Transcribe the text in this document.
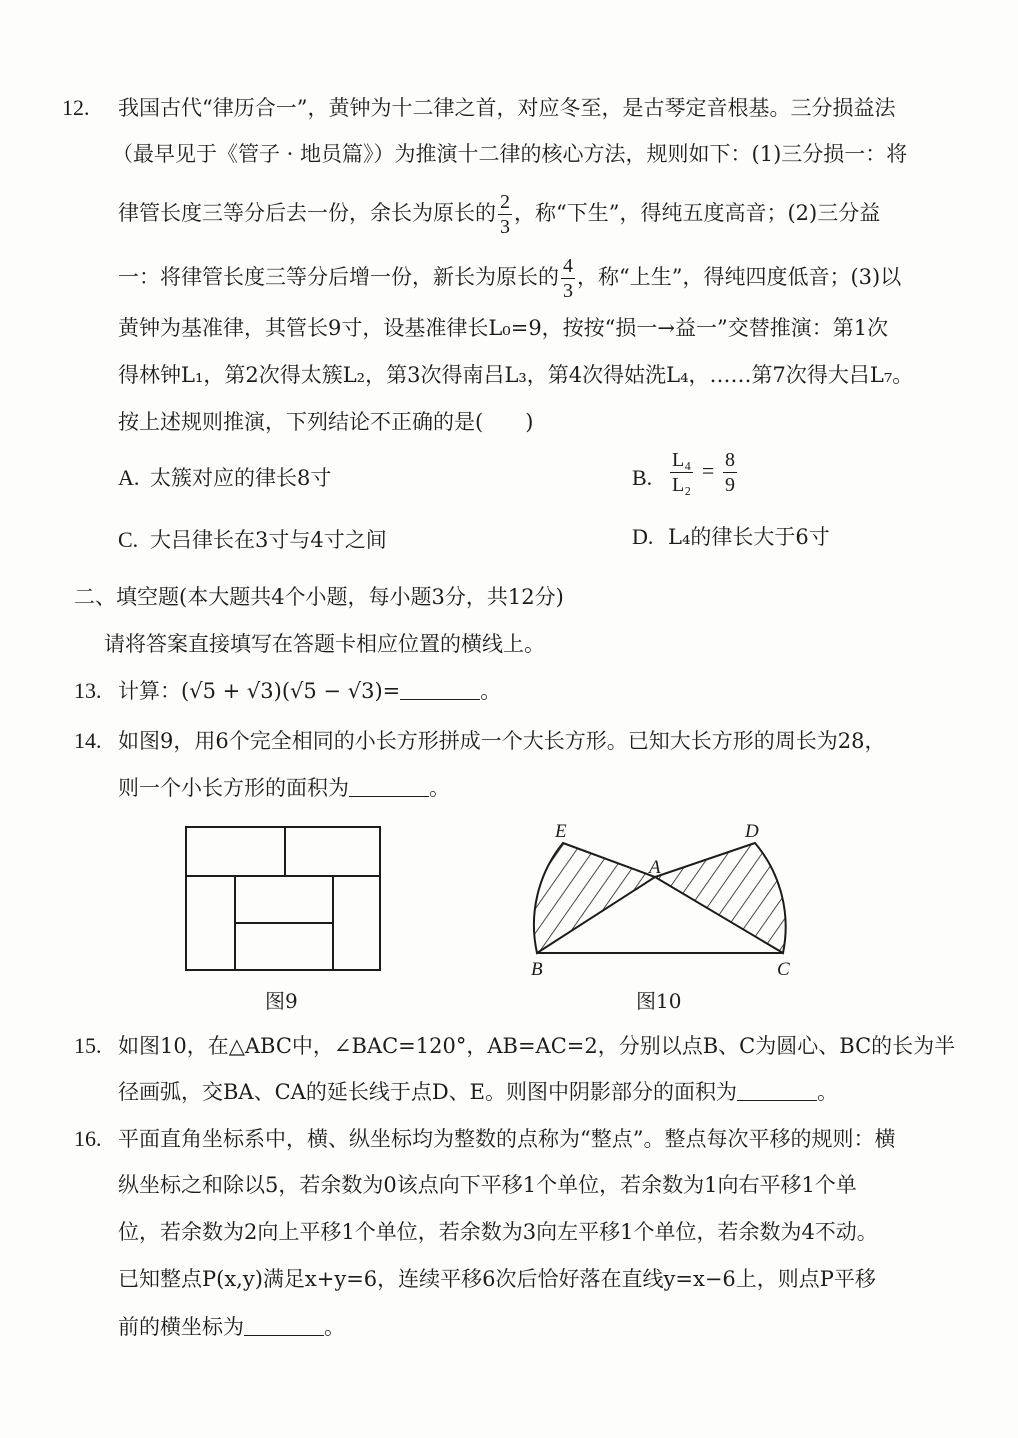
12. 我国古代“律历合一”，黄钟为十二律之首，对应冬至，是古琴定音根基。三分损益法
（最早见于《管子 · 地员篇》）为推演十二律的核心方法，规则如下：(1)三分损一：将
律管长度三等分后去一份，余长为原长的 $\frac{2}{3}$ ，称“下生”，得纯五度高音；(2)三分益
一：将律管长度三等分后增一份，新长为原长的 $\frac{4}{3}$ ，称“上生”，得纯四度低音；(3)以
黄钟为基准律，其管长9寸，设基准律长L₀=9，按按“损一→益一”交替推演：第1次
得林钟L₁，第2次得太簇L₂，第3次得南吕L₃，第4次得姑洗L₄，……第7次得大吕L₇。
按上述规则推演，下列结论不正确的是(　　)
A. 太簇对应的律长8寸	B. $\frac{\text{L₄}}{\text{L₂}} = \frac{8}{9}$
C. 大吕律长在3寸与4寸之间	D. L₄的律长大于6寸
二、填空题(本大题共4个小题，每小题3分，共12分)
请将答案直接填写在答题卡相应位置的横线上。
13. 计算：(√5 + √3)(√5 − √3)=	。
14. 如图9，用6个完全相同的小长方形拼成一个大长方形。已知大长方形的周长为28，
则一个小长方形的面积为	。
图9
E	D
A
B	C
图10
15. 如图10，在△ABC中，∠BAC=120°，AB=AC=2，分别以点B、C为圆心、BC的长为半
径画弧，交BA、CA的延长线于点D、E。则图中阴影部分的面积为	。
16. 平面直角坐标系中，横、纵坐标均为整数的点称为“整点”。整点每次平移的规则：横
纵坐标之和除以5，若余数为0该点向下平移1个单位，若余数为1向右平移1个单
位，若余数为2向上平移1个单位，若余数为3向左平移1个单位，若余数为4不动。
已知整点P(x,y)满足x+y=6，连续平移6次后恰好落在直线y=x−6上，则点P平移
前的横坐标为	。
